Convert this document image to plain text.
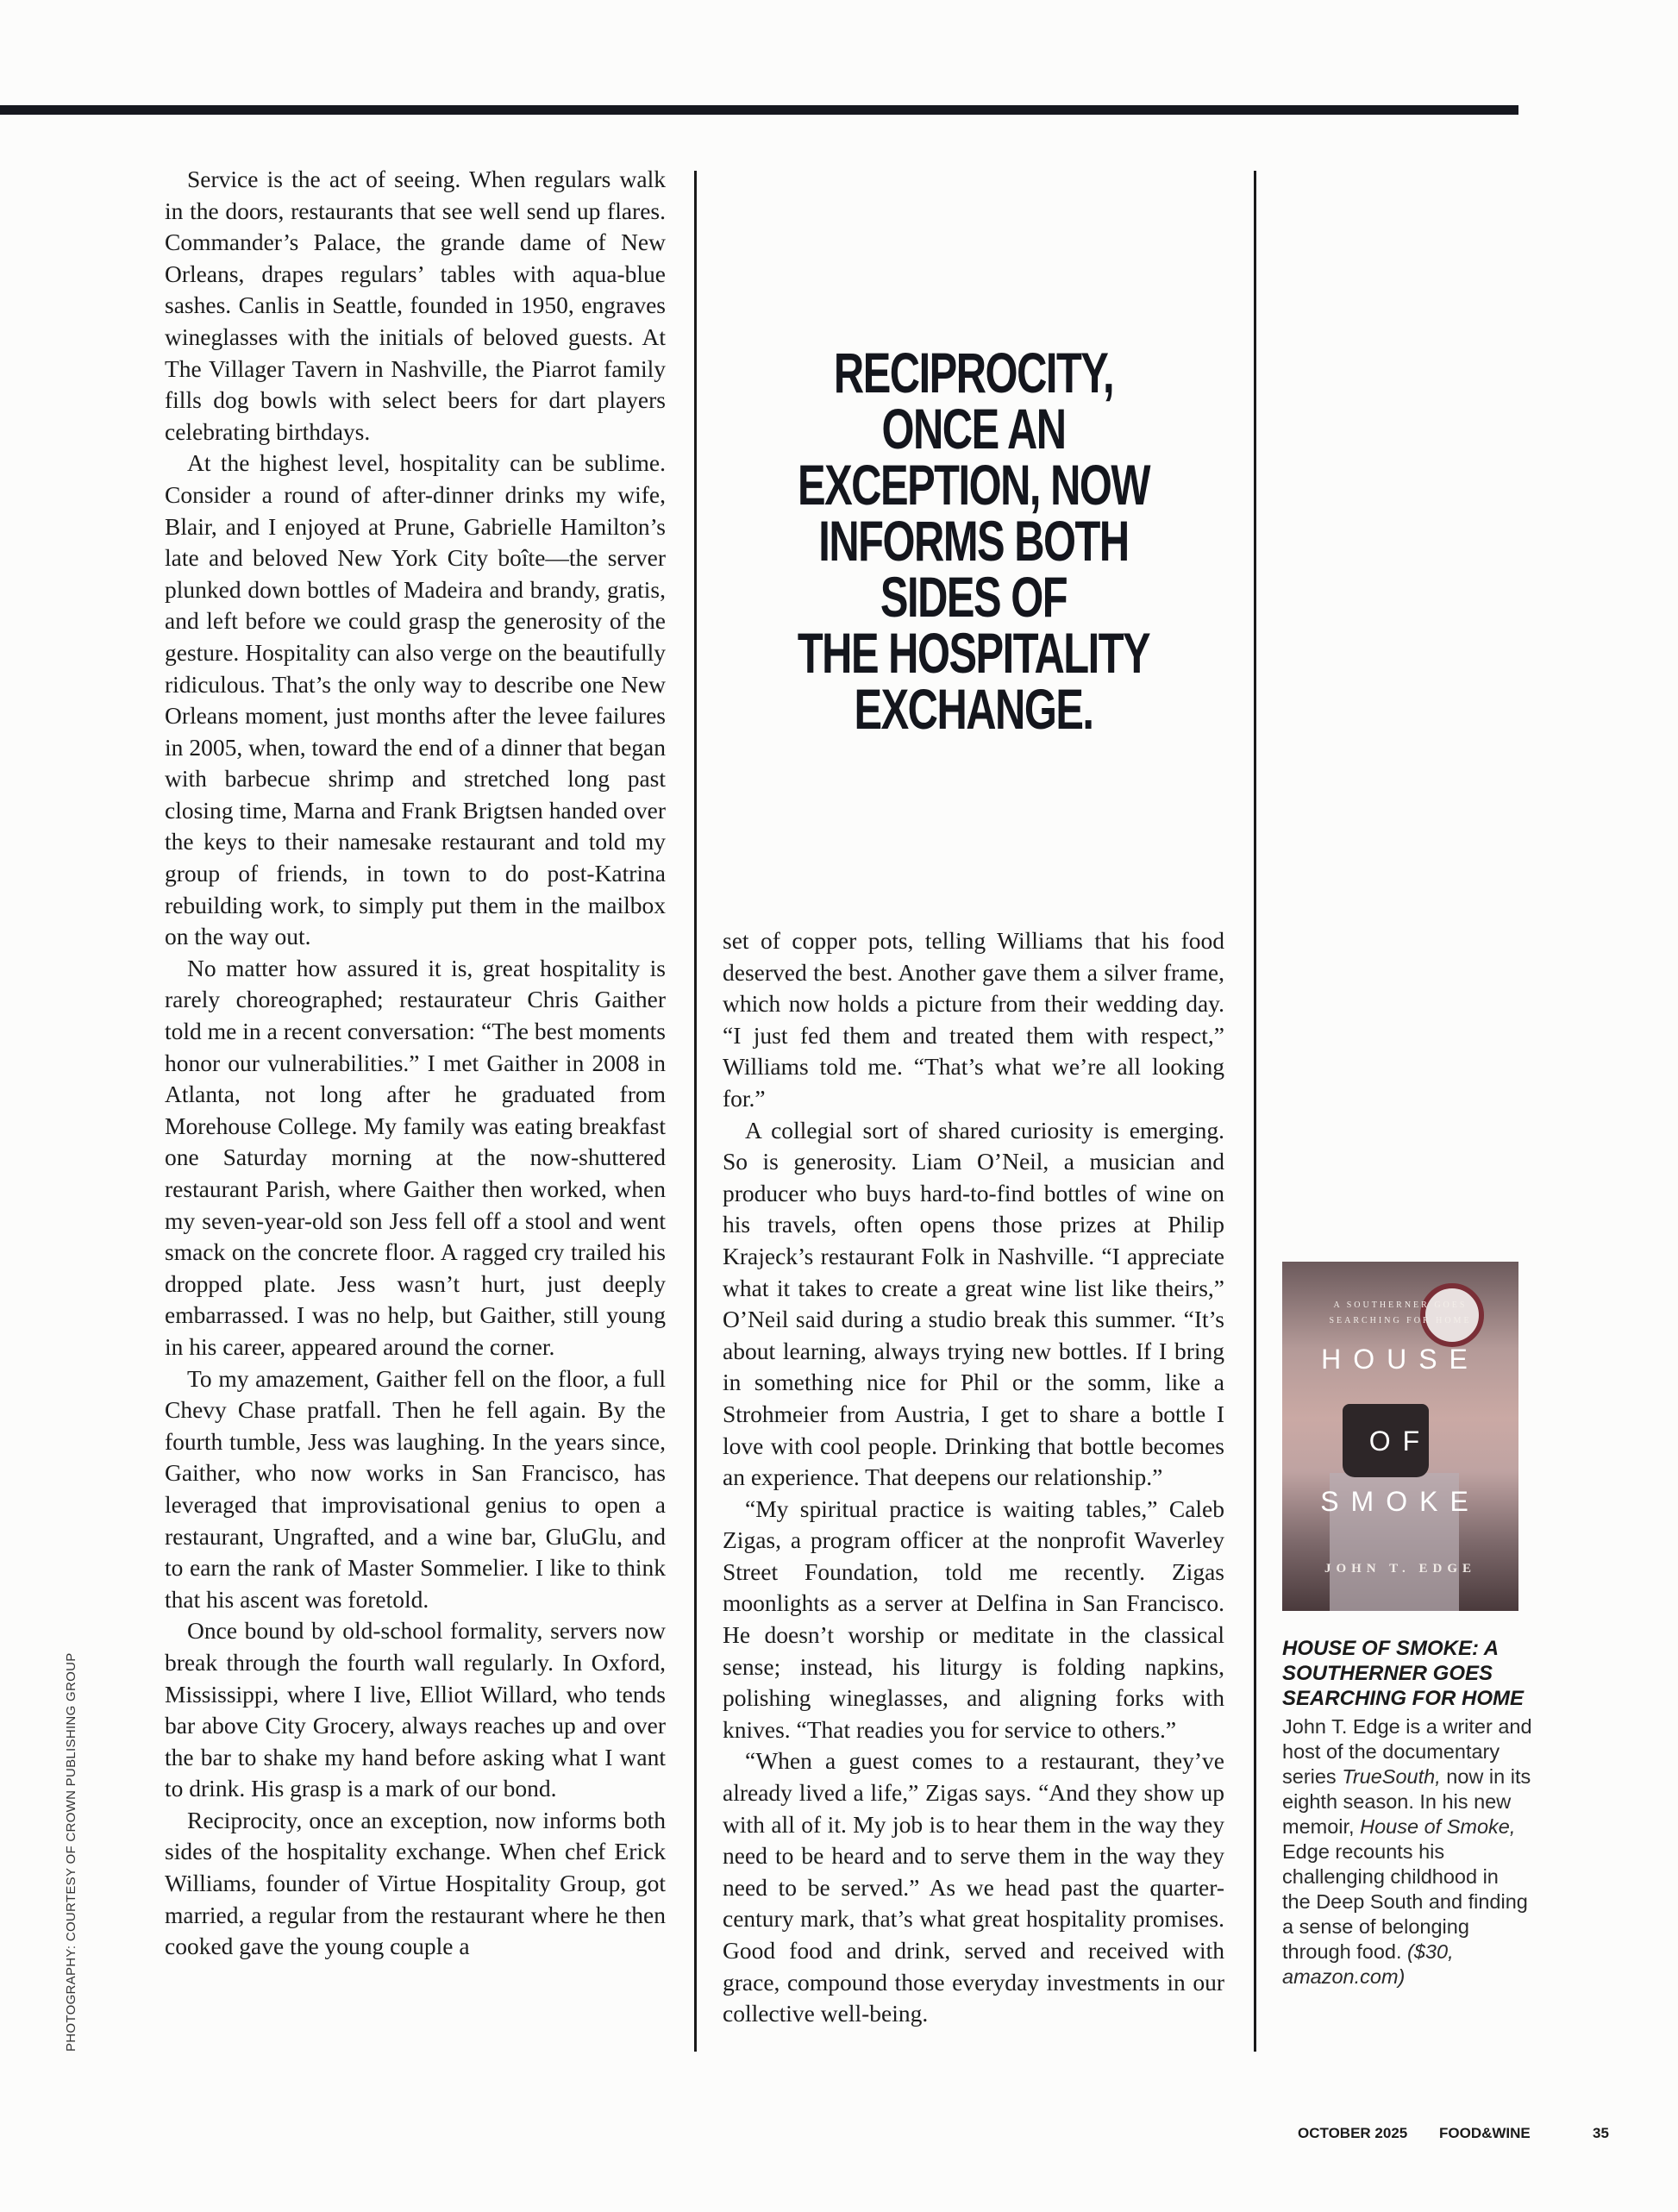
Service is the act of seeing. When regulars walk in the doors, restaurants that see well send up flares. Commander’s Palace, the grande dame of New Orleans, drapes regulars’ tables with aqua-blue sashes. Canlis in Seattle, founded in 1950, engraves wineglasses with the initials of beloved guests. At The Villager Tavern in Nashville, the Piarrot family fills dog bowls with select beers for dart players celebrating birthdays.

At the highest level, hospitality can be sublime. Consider a round of after-dinner drinks my wife, Blair, and I enjoyed at Prune, Gabrielle Hamilton’s late and beloved New York City boîte—the server plunked down bottles of Madeira and brandy, gratis, and left before we could grasp the generosity of the gesture. Hospitality can also verge on the beautifully ridiculous. That’s the only way to describe one New Orleans moment, just months after the levee failures in 2005, when, toward the end of a dinner that began with barbecue shrimp and stretched long past closing time, Marna and Frank Brigtsen handed over the keys to their namesake restaurant and told my group of friends, in town to do post-Katrina rebuilding work, to simply put them in the mailbox on the way out.

No matter how assured it is, great hospitality is rarely choreographed; restaurateur Chris Gaither told me in a recent conversation: “The best moments honor our vulnerabilities.” I met Gaither in 2008 in Atlanta, not long after he graduated from Morehouse College. My family was eating breakfast one Saturday morning at the now-shuttered restaurant Parish, where Gaither then worked, when my seven-year-old son Jess fell off a stool and went smack on the concrete floor. A ragged cry trailed his dropped plate. Jess wasn’t hurt, just deeply embarrassed. I was no help, but Gaither, still young in his career, appeared around the corner.

To my amazement, Gaither fell on the floor, a full Chevy Chase pratfall. Then he fell again. By the fourth tumble, Jess was laughing. In the years since, Gaither, who now works in San Francisco, has leveraged that improvisational genius to open a restaurant, Ungrafted, and a wine bar, GluGlu, and to earn the rank of Master Sommelier. I like to think that his ascent was foretold.

Once bound by old-school formality, servers now break through the fourth wall regularly. In Oxford, Mississippi, where I live, Elliot Willard, who tends bar above City Grocery, always reaches up and over the bar to shake my hand before asking what I want to drink. His grasp is a mark of our bond.

Reciprocity, once an exception, now informs both sides of the hospitality exchange. When chef Erick Williams, founder of Virtue Hospitality Group, got married, a regular from the restaurant where he then cooked gave the young couple a

RECIPROCITY,
ONCE AN
EXCEPTION, NOW
INFORMS BOTH
SIDES OF
THE HOSPITALITY
EXCHANGE.

set of copper pots, telling Williams that his food deserved the best. Another gave them a silver frame, which now holds a picture from their wedding day. “I just fed them and treated them with respect,” Williams told me. “That’s what we’re all looking for.”

A collegial sort of shared curiosity is emerging. So is generosity. Liam O’Neil, a musician and producer who buys hard-to-find bottles of wine on his travels, often opens those prizes at Philip Krajeck’s restaurant Folk in Nashville. “I appreciate what it takes to create a great wine list like theirs,” O’Neil said during a studio break this summer. “It’s about learning, always trying new bottles. If I bring in something nice for Phil or the somm, like a Strohmeier from Austria, I get to share a bottle I love with cool people. Drinking that bottle becomes an experience. That deepens our relationship.”

“My spiritual practice is waiting tables,” Caleb Zigas, a program officer at the nonprofit Waverley Street Foundation, told me recently. Zigas moonlights as a server at Delfina in San Francisco. He doesn’t worship or meditate in the classical sense; instead, his liturgy is folding napkins, polishing wineglasses, and aligning forks with knives. “That readies you for service to others.”

“When a guest comes to a restaurant, they’ve already lived a life,” Zigas says. “And they show up with all of it. My job is to hear them in the way they need to be heard and to serve them in the way they need to be served.” As we head past the quarter-century mark, that’s what great hospitality promises. Good food and drink, served and received with grace, compound those everyday investments in our collective well-being.

A SOUTHERNER GOES
SEARCHING FOR HOME
HOUSE
OF
SMOKE
JOHN T. EDGE
HOUSE OF SMOKE: A SOUTHERNER GOES SEARCHING FOR HOME
John T. Edge is a writer and host of the documentary series TrueSouth, now in its eighth season. In his new memoir, House of Smoke, Edge recounts his challenging childhood in the Deep South and finding a sense of belonging through food. ($30, amazon.com)
PHOTOGRAPHY: COURTESY OF CROWN PUBLISHING GROUP
OCTOBER 2025 FOOD&WINE	35
